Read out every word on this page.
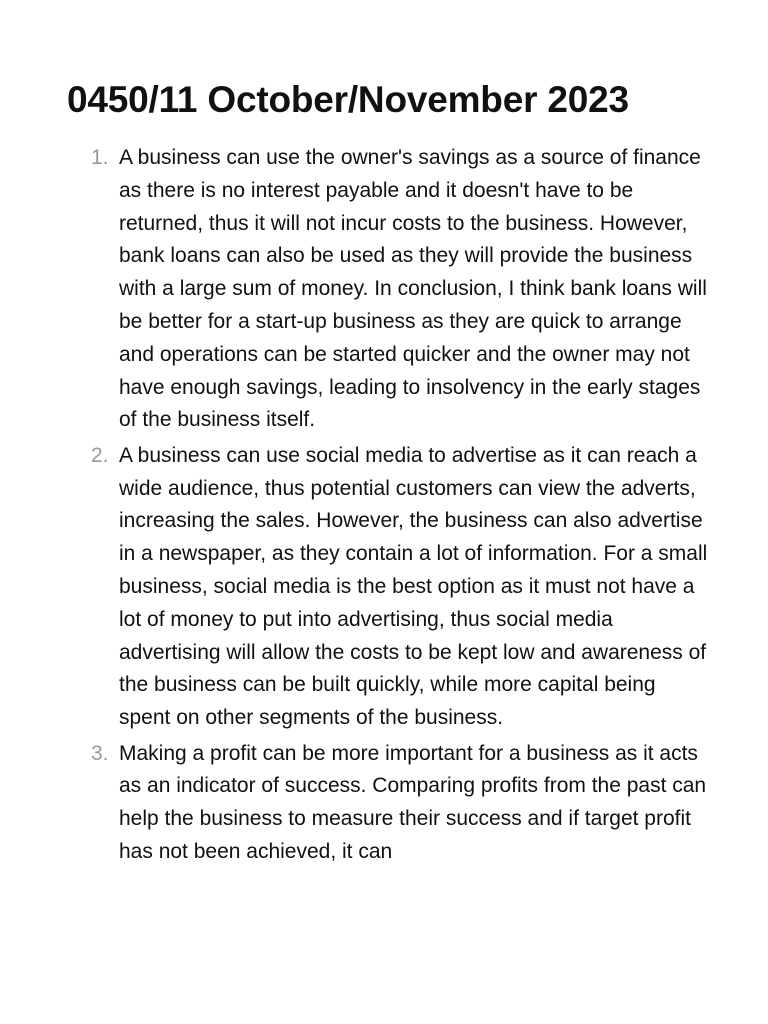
0450/11 October/November 2023
1. A business can use the owner's savings as a source of finance as there is no interest payable and it doesn't have to be returned, thus it will not incur costs to the business. However, bank loans can also be used as they will provide the business with a large sum of money. In conclusion, I think bank loans will be better for a start-up business as they are quick to arrange and operations can be started quicker and the owner may not have enough savings, leading to insolvency in the early stages of the business itself.
2. A business can use social media to advertise as it can reach a wide audience, thus potential customers can view the adverts, increasing the sales. However, the business can also advertise in a newspaper, as they contain a lot of information. For a small business, social media is the best option as it must not have a lot of money to put into advertising, thus social media advertising will allow the costs to be kept low and awareness of the business can be built quickly, while more capital being spent on other segments of the business.
3. Making a profit can be more important for a business as it acts as an indicator of success. Comparing profits from the past can help the business to measure their success and if target profit has not been achieved, it can
